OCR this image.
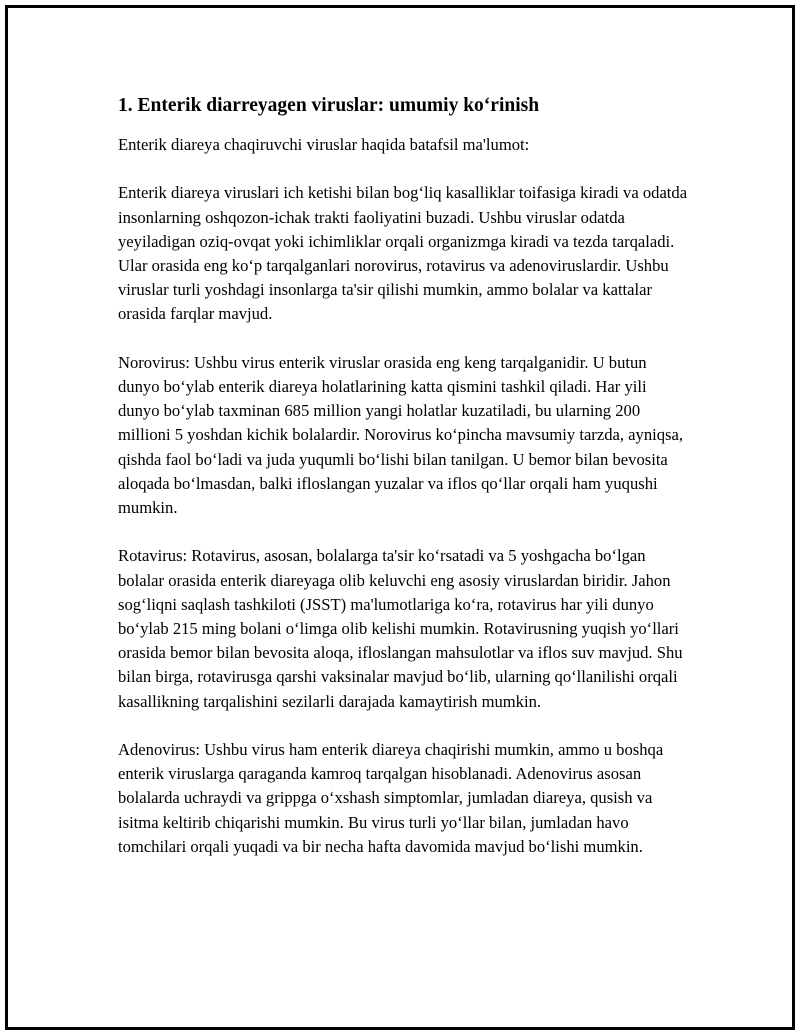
1. Enterik diarreyagen viruslar: umumiy ko‘rinish

Enterik diareya chaqiruvchi viruslar haqida batafsil ma'lumot:

Enterik diareya viruslari ich ketishi bilan bog‘liq kasalliklar toifasiga kiradi va odatda insonlarning oshqozon-ichak trakti faoliyatini buzadi. Ushbu viruslar odatda yeyiladigan oziq-ovqat yoki ichimliklar orqali organizmga kiradi va tezda tarqaladi. Ular orasida eng ko‘p tarqalganlari norovirus, rotavirus va adenoviruslardir. Ushbu viruslar turli yoshdagi insonlarga ta'sir qilishi mumkin, ammo bolalar va kattalar orasida farqlar mavjud.

Norovirus: Ushbu virus enterik viruslar orasida eng keng tarqalganidir. U butun dunyo bo‘ylab enterik diareya holatlarining katta qismini tashkil qiladi. Har yili dunyo bo‘ylab taxminan 685 million yangi holatlar kuzatiladi, bu ularning 200 millioni 5 yoshdan kichik bolalardir. Norovirus ko‘pincha mavsumiy tarzda, ayniqsa, qishda faol bo‘ladi va juda yuqumli bo‘lishi bilan tanilgan. U bemor bilan bevosita aloqada bo‘lmasdan, balki ifloslangan yuzalar va iflos qo‘llar orqali ham yuqushi mumkin.

Rotavirus: Rotavirus, asosan, bolalarga ta'sir ko‘rsatadi va 5 yoshgacha bo‘lgan bolalar orasida enterik diareyaga olib keluvchi eng asosiy viruslardan biridir. Jahon sog‘liqni saqlash tashkiloti (JSST) ma'lumotlariga ko‘ra, rotavirus har yili dunyo bo‘ylab 215 ming bolani o‘limga olib kelishi mumkin. Rotavirusning yuqish yo‘llari orasida bemor bilan bevosita aloqa, ifloslangan mahsulotlar va iflos suv mavjud. Shu bilan birga, rotavirusga qarshi vaksinalar mavjud bo‘lib, ularning qo‘llanilishi orqali kasallikning tarqalishini sezilarli darajada kamaytirish mumkin.

Adenovirus: Ushbu virus ham enterik diareya chaqirishi mumkin, ammo u boshqa enterik viruslarga qaraganda kamroq tarqalgan hisoblanadi. Adenovirus asosan bolalarda uchraydi va grippga o‘xshash simptomlar, jumladan diareya, qusish va isitma keltirib chiqarishi mumkin. Bu virus turli yo‘llar bilan, jumladan havo tomchilari orqali yuqadi va bir necha hafta davomida mavjud bo‘lishi mumkin.
